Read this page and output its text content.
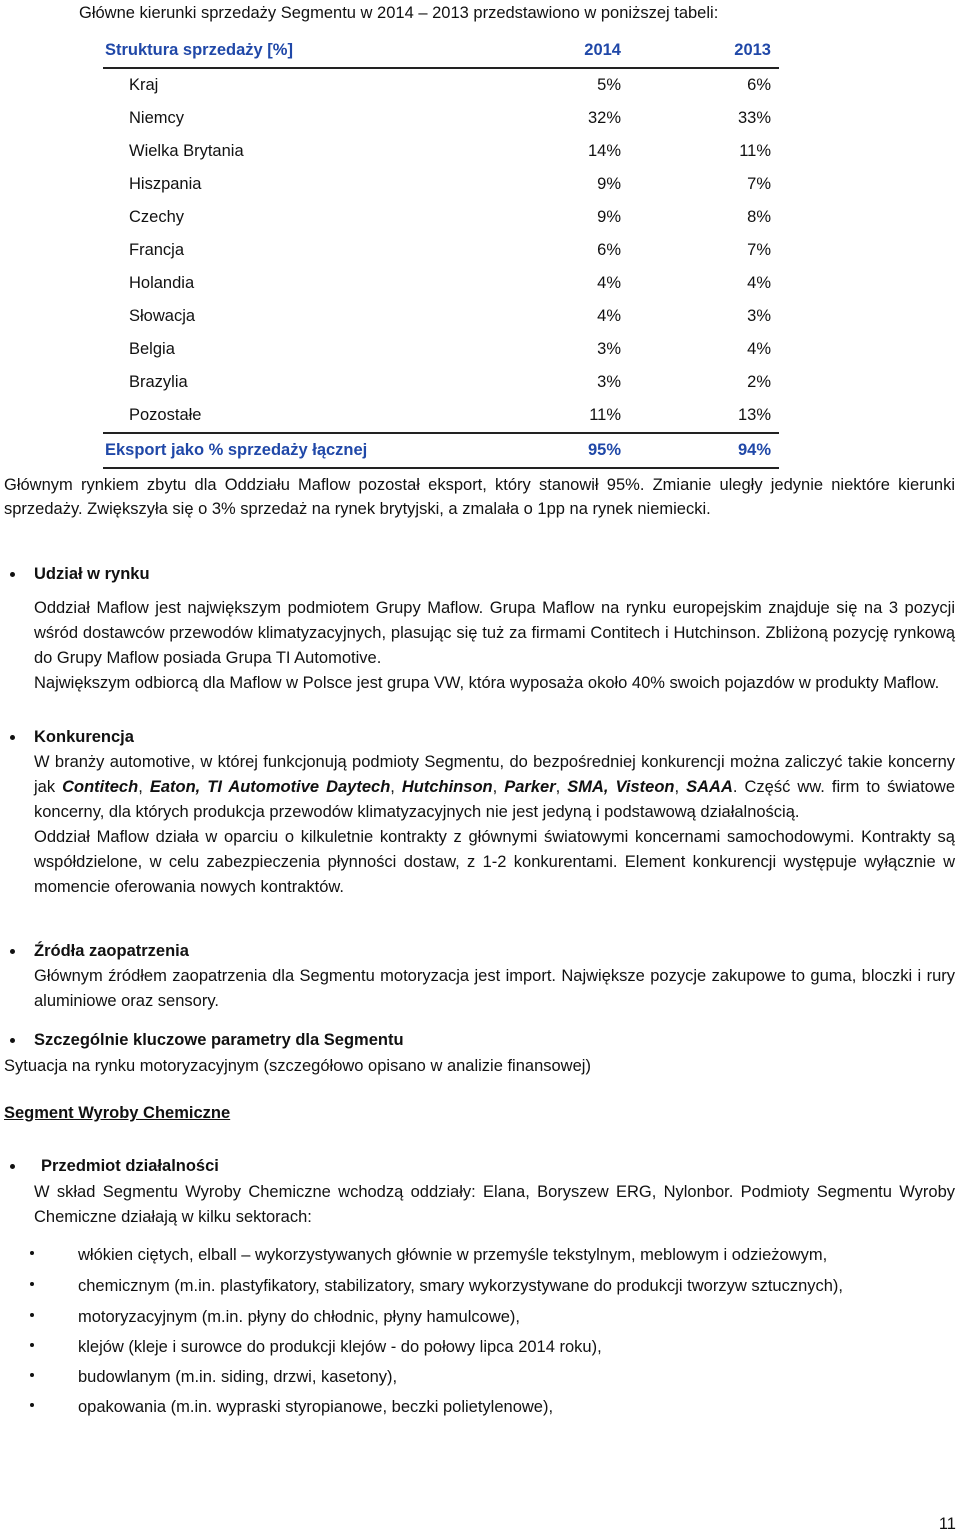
Główne kierunki sprzedaży Segmentu w 2014 – 2013 przedstawiono w poniższej tabeli:
Struktura sprzedaży [%]	2014	2013
Kraj	5%	6%
Niemcy	32%	33%
Wielka Brytania	14%	11%
Hiszpania	9%	7%
Czechy	9%	8%
Francja	6%	7%
Holandia	4%	4%
Słowacja	4%	3%
Belgia	3%	4%
Brazylia	3%	2%
Pozostałe	11%	13%
Eksport jako % sprzedaży łącznej	95%	94%

Głównym rynkiem zbytu dla Oddziału Maflow pozostał eksport, który stanowił 95%. Zmianie uległy jedynie niektóre kierunki sprzedaży. Zwiększyła się o 3% sprzedaż na rynek brytyjski, a zmalała o 1pp na rynek niemiecki.

Udział w rynku

Oddział Maflow jest największym podmiotem Grupy Maflow. Grupa Maflow na rynku europejskim znajduje się na 3 pozycji wśród dostawców przewodów klimatyzacyjnych, plasując się tuż za firmami Contitech i Hutchinson. Zbliżoną pozycję rynkową do Grupy Maflow posiada Grupa TI Automotive.

Największym odbiorcą dla Maflow w Polsce jest grupa VW, która wyposaża około 40% swoich pojazdów w produkty Maflow.

Konkurencja

W branży automotive, w której funkcjonują podmioty Segmentu, do bezpośredniej konkurencji można zaliczyć takie koncerny jak Contitech, Eaton, TI Automotive Daytech, Hutchinson, Parker, SMA, Visteon, SAAA. Część ww. firm to światowe koncerny, dla których produkcja przewodów klimatyzacyjnych nie jest jedyną i podstawową działalnością.

Oddział Maflow działa w oparciu o kilkuletnie kontrakty z głównymi światowymi koncernami samochodowymi. Kontrakty są współdzielone, w celu zabezpieczenia płynności dostaw, z 1-2 konkurentami. Element konkurencji występuje wyłącznie w momencie oferowania nowych kontraktów.

Źródła zaopatrzenia

Głównym źródłem zaopatrzenia dla Segmentu motoryzacja jest import. Największe pozycje zakupowe to guma, bloczki i rury aluminiowe oraz sensory.

Szczególnie kluczowe parametry dla Segmentu

Sytuacja na rynku motoryzacyjnym (szczegółowo opisano w analizie finansowej)

Segment Wyroby Chemiczne

Przedmiot działalności

W skład Segmentu Wyroby Chemiczne wchodzą oddziały: Elana, Boryszew ERG, Nylonbor. Podmioty Segmentu Wyroby Chemiczne działają w kilku sektorach:

włókien ciętych, elball – wykorzystywanych głównie w przemyśle tekstylnym, meblowym i odzieżowym,

chemicznym (m.in. plastyfikatory, stabilizatory, smary wykorzystywane do produkcji tworzyw sztucznych),

motoryzacyjnym (m.in. płyny do chłodnic, płyny hamulcowe),

klejów (kleje i surowce do produkcji klejów - do połowy lipca 2014 roku),

budowlanym (m.in. siding, drzwi, kasetony),

opakowania (m.in. wypraski styropianowe, beczki polietylenowe),

11
